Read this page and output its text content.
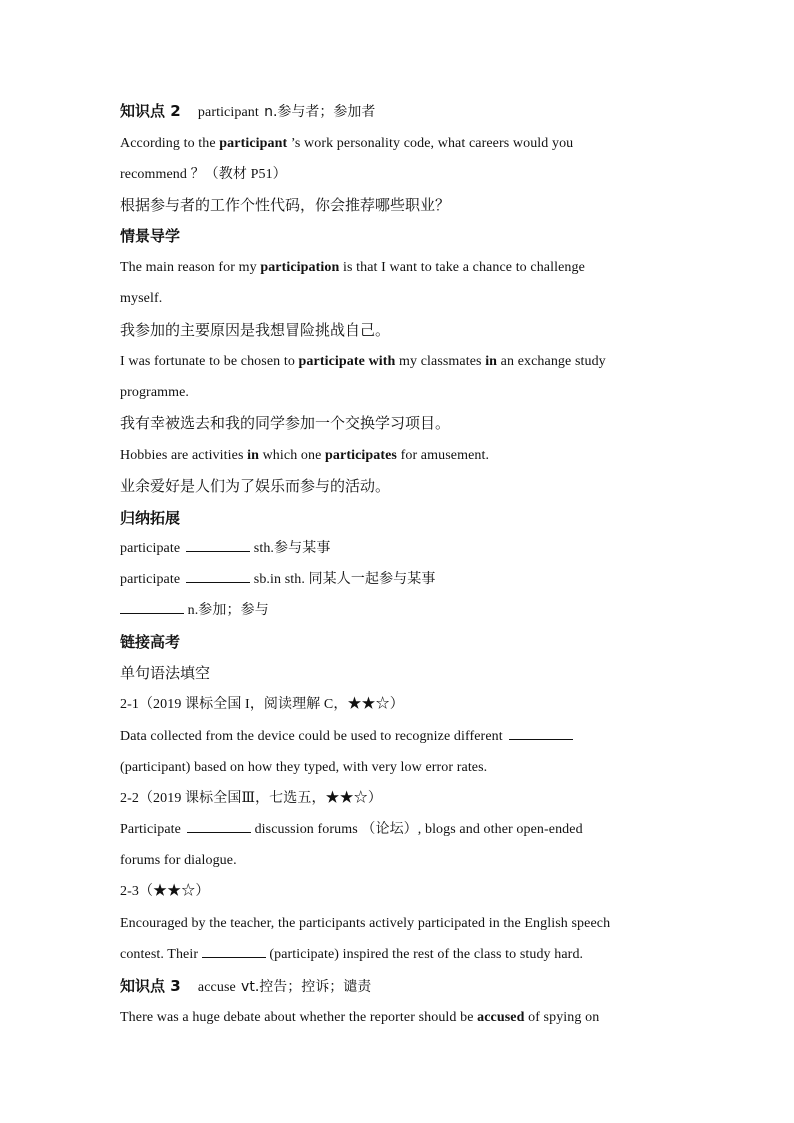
知识点 2 participant n.参与者；参加者
According to the participant ’s work personality code, what careers would you
recommend ？（教材 P51）
根据参与者的工作个性代码，你会推荐哪些职业？
情景导学
The main reason for my participation is that I want to take a chance to challenge
myself.
我参加的主要原因是我想冒险挑战自己。
I was fortunate to be chosen to participate with my classmates in an exchange study
programme.
我有幸被选去和我的同学参加一个交换学习项目。
Hobbies are activities in which one participates for amusement.
业余爱好是人们为了娱乐而参与的活动。
归纳拓展
participate	sth.参与某事
participate	sb.in sth. 同某人一起参与某事
n.参加；参与
链接高考
单句语法填空
2-1（2019 课标全国 I，阅读理解 C，★★☆）
Data collected from the device could be used to recognize different
(participant) based on how they typed, with very low error rates.
2-2（2019 课标全国Ⅲ，七选五，★★☆）
Participate	discussion forums （论坛）, blogs and other open-ended
forums for dialogue.
2-3（★★☆）
Encouraged by the teacher, the participants actively participated in the English speech
contest. Their	(participate) inspired the rest of the class to study hard.
知识点 3 accuse vt.控告；控诉；谴责
There was a huge debate about whether the reporter should be accused of spying on
